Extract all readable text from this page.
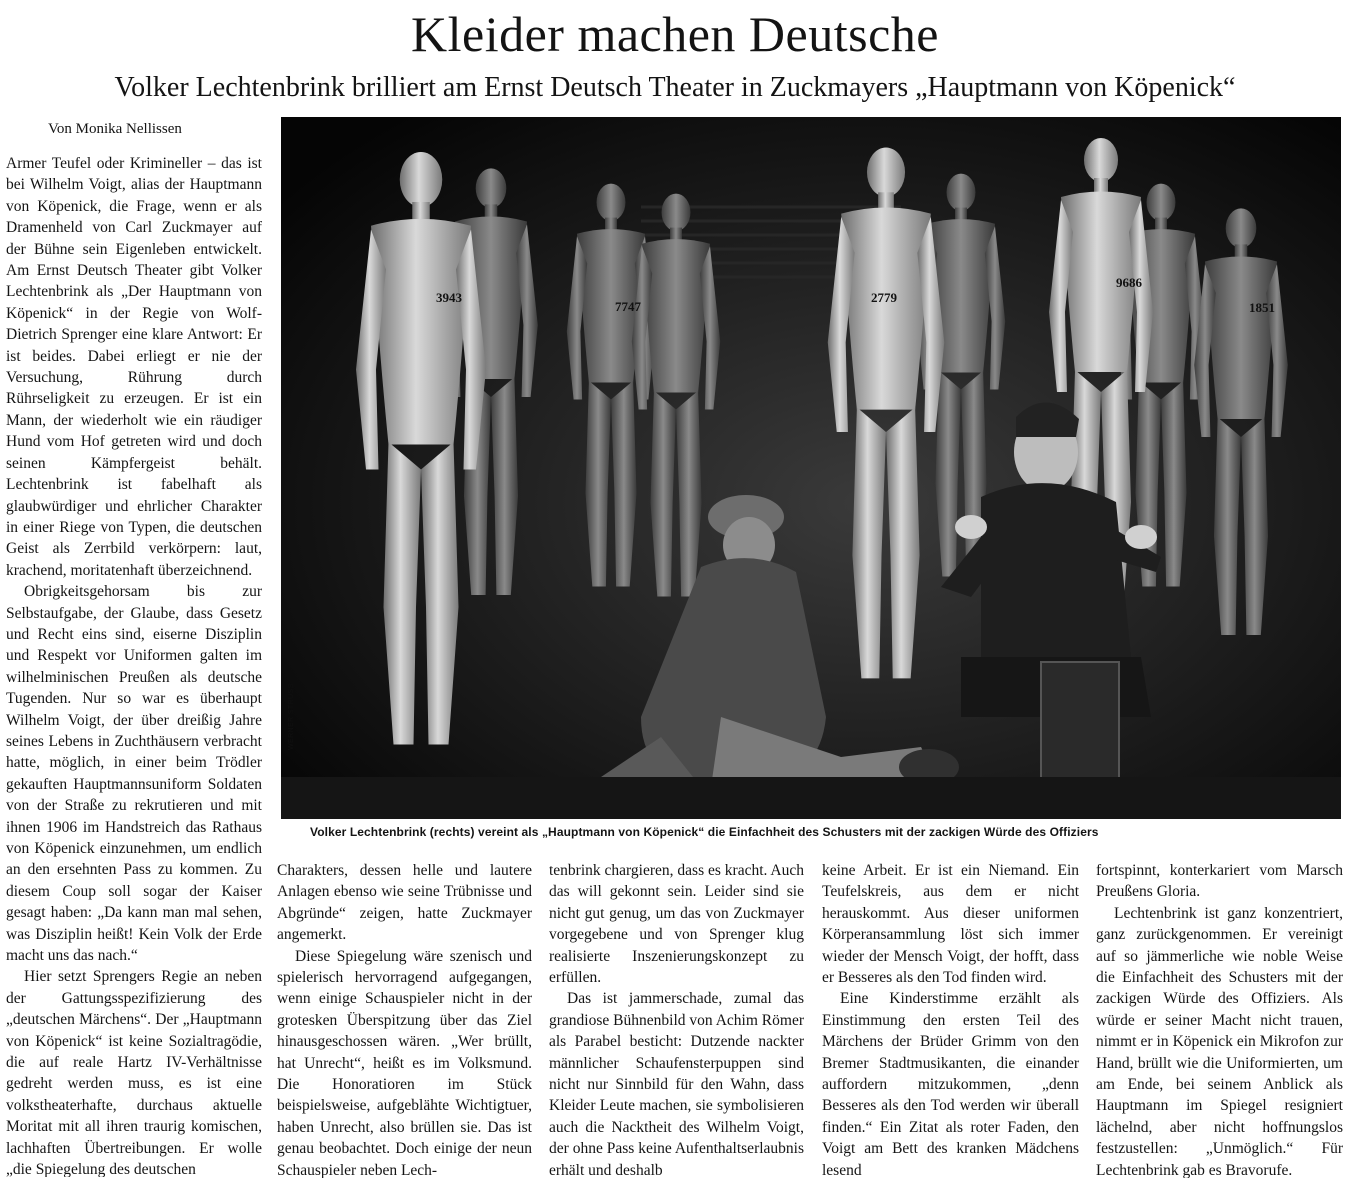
Kleider machen Deutsche
Volker Lechtenbrink brilliert am Ernst Deutsch Theater in Zuckmayers „Hauptmann von Köpenick“
Von Monika Nellissen

Armer Teufel oder Krimineller – das ist bei Wilhelm Voigt, alias der Hauptmann von Köpenick, die Frage, wenn er als Dramenheld von Carl Zuckmayer auf der Bühne sein Eigenleben entwickelt. Am Ernst Deutsch Theater gibt Volker Lechtenbrink als „Der Hauptmann von Köpenick“ in der Regie von Wolf-Dietrich Sprenger eine klare Antwort: Er ist beides. Dabei erliegt er nie der Versuchung, Rührung durch Rührseligkeit zu erzeugen. Er ist ein Mann, der wiederholt wie ein räudiger Hund vom Hof getreten wird und doch seinen Kämpfergeist behält. Lechtenbrink ist fabelhaft als glaubwürdiger und ehrlicher Charakter in einer Riege von Typen, die deutschen Geist als Zerrbild verkörpern: laut, krachend, moritatenhaft überzeichnend.

Obrigkeitsgehorsam bis zur Selbstaufgabe, der Glaube, dass Gesetz und Recht eins sind, eiserne Disziplin und Respekt vor Uniformen galten im wilhelminischen Preußen als deutsche Tugenden. Nur so war es überhaupt Wilhelm Voigt, der über dreißig Jahre seines Lebens in Zuchthäusern verbracht hatte, möglich, in einer beim Trödler gekauften Hauptmannsuniform Soldaten von der Straße zu rekrutieren und mit ihnen 1906 im Handstreich das Rathaus von Köpenick einzunehmen, um endlich an den ersehnten Pass zu kommen. Zu diesem Coup soll sogar der Kaiser gesagt haben: „Da kann man mal sehen, was Disziplin heißt! Kein Volk der Erde macht uns das nach.“

Hier setzt Sprengers Regie an neben der Gattungsspezifizierung des „deutschen Märchens“. Der „Hauptmann von Köpenick“ ist keine Sozialtragödie, die auf reale Hartz IV-Verhältnisse gedreht werden muss, es ist eine volkstheaterhafte, durchaus aktuelle Moritat mit all ihren traurig komischen, lachhaften Übertreibungen. Er wolle „die Spiegelung des deutschen

3943
7747
2779
9686
1851
WERNER STRUSS
Volker Lechtenbrink (rechts) vereint als „Hauptmann von Köpenick“ die Einfachheit des Schusters mit der zackigen Würde des Offiziers

Charakters, dessen helle und lautere Anlagen ebenso wie seine Trübnisse und Abgründe“ zeigen, hatte Zuckmayer angemerkt.

Diese Spiegelung wäre szenisch und spielerisch hervorragend aufgegangen, wenn einige Schauspieler nicht in der grotesken Überspitzung über das Ziel hinausgeschossen wären. „Wer brüllt, hat Unrecht“, heißt es im Volksmund. Die Honoratioren im Stück beispielsweise, aufgeblähte Wichtigtuer, haben Unrecht, also brüllen sie. Das ist genau beobachtet. Doch einige der neun Schauspieler neben Lech-

tenbrink chargieren, dass es kracht. Auch das will gekonnt sein. Leider sind sie nicht gut genug, um das von Zuckmayer vorgegebene und von Sprenger klug realisierte Inszenierungskonzept zu erfüllen.

Das ist jammerschade, zumal das grandiose Bühnenbild von Achim Römer als Parabel besticht: Dutzende nackter männlicher Schaufensterpuppen sind nicht nur Sinnbild für den Wahn, dass Kleider Leute machen, sie symbolisieren auch die Nacktheit des Wilhelm Voigt, der ohne Pass keine Aufenthaltserlaubnis erhält und deshalb

keine Arbeit. Er ist ein Niemand. Ein Teufelskreis, aus dem er nicht herauskommt. Aus dieser uniformen Körperansammlung löst sich immer wieder der Mensch Voigt, der hofft, dass er Besseres als den Tod finden wird.

Eine Kinderstimme erzählt als Einstimmung den ersten Teil des Märchens der Brüder Grimm von den Bremer Stadtmusikanten, die einander auffordern mitzukommen, „denn Besseres als den Tod werden wir überall finden.“ Ein Zitat als roter Faden, den Voigt am Bett des kranken Mädchens lesend

fortspinnt, konterkariert vom Marsch Preußens Gloria.

Lechtenbrink ist ganz konzentriert, ganz zurückgenommen. Er vereinigt auf so jämmerliche wie noble Weise die Einfachheit des Schusters mit der zackigen Würde des Offiziers. Als würde er seiner Macht nicht trauen, nimmt er in Köpenick ein Mikrofon zur Hand, brüllt wie die Uniformierten, um am Ende, bei seinem Anblick als Hauptmann im Spiegel resigniert lächelnd, aber nicht hoffnungslos festzustellen: „Unmöglich.“ Für Lechtenbrink gab es Bravorufe.
